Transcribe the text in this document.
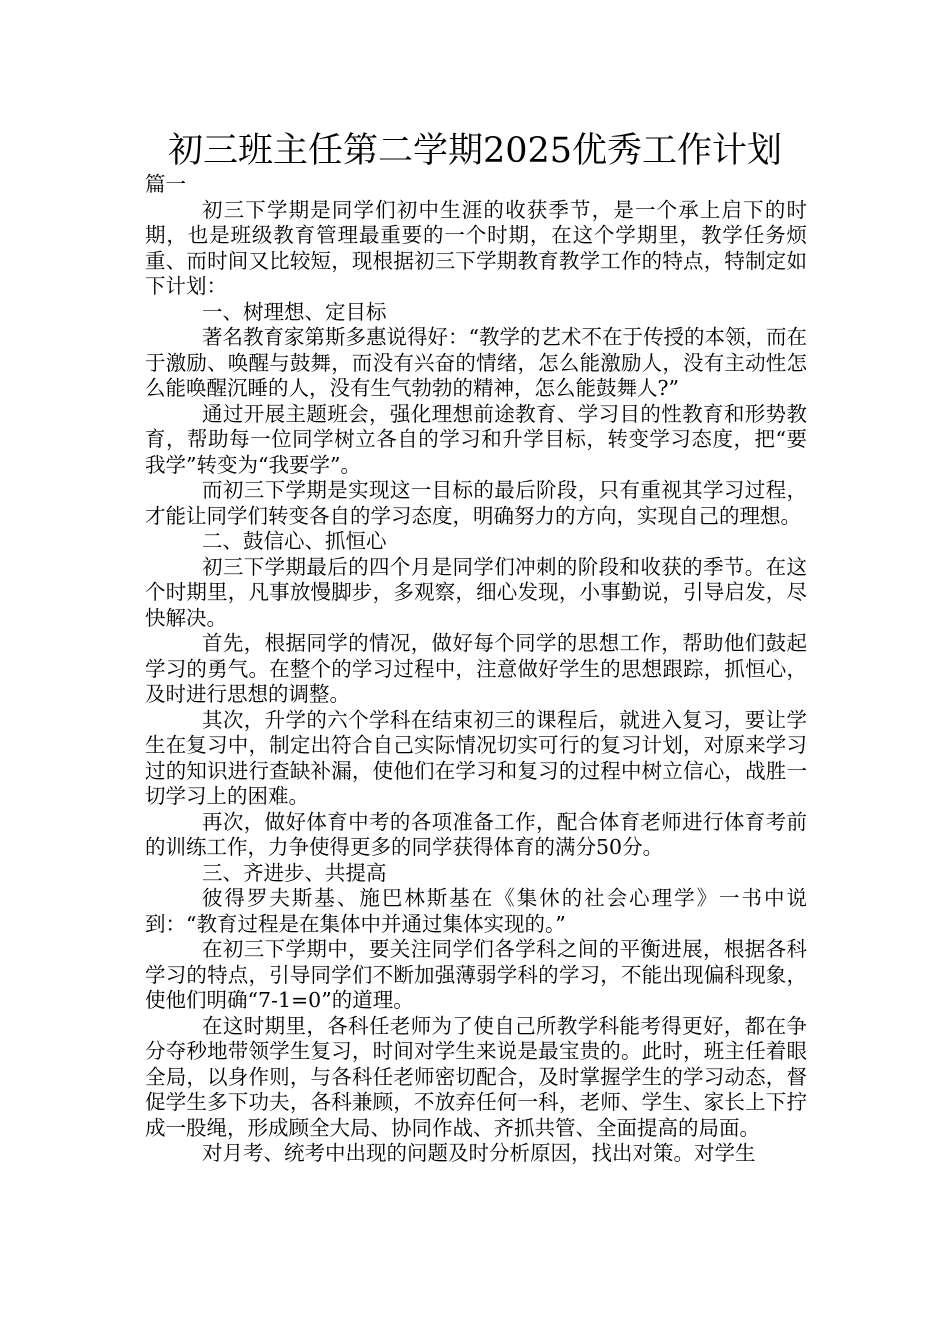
初三班主任第二学期2025优秀工作计划

篇一

初三下学期是同学们初中生涯的收获季节，是一个承上启下的时期，也是班级教育管理最重要的一个时期，在这个学期里，教学任务烦重、而时间又比较短，现根据初三下学期教育教学工作的特点，特制定如下计划：

一、树理想、定目标

著名教育家第斯多惠说得好：“教学的艺术不在于传授的本领，而在于激励、唤醒与鼓舞，而没有兴奋的情绪，怎么能激励人，没有主动性怎么能唤醒沉睡的人，没有生气勃勃的精神，怎么能鼓舞人?”

通过开展主题班会，强化理想前途教育、学习目的性教育和形势教育，帮助每一位同学树立各自的学习和升学目标，转变学习态度，把“要我学”转变为“我要学”。

而初三下学期是实现这一目标的最后阶段，只有重视其学习过程，才能让同学们转变各自的学习态度，明确努力的方向，实现自己的理想。

二、鼓信心、抓恒心

初三下学期最后的四个月是同学们冲刺的阶段和收获的季节。在这个时期里，凡事放慢脚步，多观察，细心发现，小事勤说，引导启发，尽快解决。

首先，根据同学的情况，做好每个同学的思想工作，帮助他们鼓起学习的勇气。在整个的学习过程中，注意做好学生的思想跟踪，抓恒心，及时进行思想的调整。

其次，升学的六个学科在结束初三的课程后，就进入复习，要让学生在复习中，制定出符合自己实际情况切实可行的复习计划，对原来学习过的知识进行查缺补漏，使他们在学习和复习的过程中树立信心，战胜一切学习上的困难。

再次，做好体育中考的各项准备工作，配合体育老师进行体育考前的训练工作，力争使得更多的同学获得体育的满分50分。

三、齐进步、共提高

彼得罗夫斯基、施巴林斯基在《集休的社会心理学》一书中说到：“教育过程是在集体中并通过集体实现的。”

在初三下学期中，要关注同学们各学科之间的平衡进展，根据各科学习的特点，引导同学们不断加强薄弱学科的学习，不能出现偏科现象，使他们明确“7-1=0”的道理。

在这时期里，各科任老师为了使自己所教学科能考得更好，都在争分夺秒地带领学生复习，时间对学生来说是最宝贵的。此时，班主任着眼全局，以身作则，与各科任老师密切配合，及时掌握学生的学习动态，督促学生多下功夫，各科兼顾，不放弃任何一科，老师、学生、家长上下拧成一股绳，形成顾全大局、协同作战、齐抓共管、全面提高的局面。

对月考、统考中出现的问题及时分析原因，找出对策。对学生
